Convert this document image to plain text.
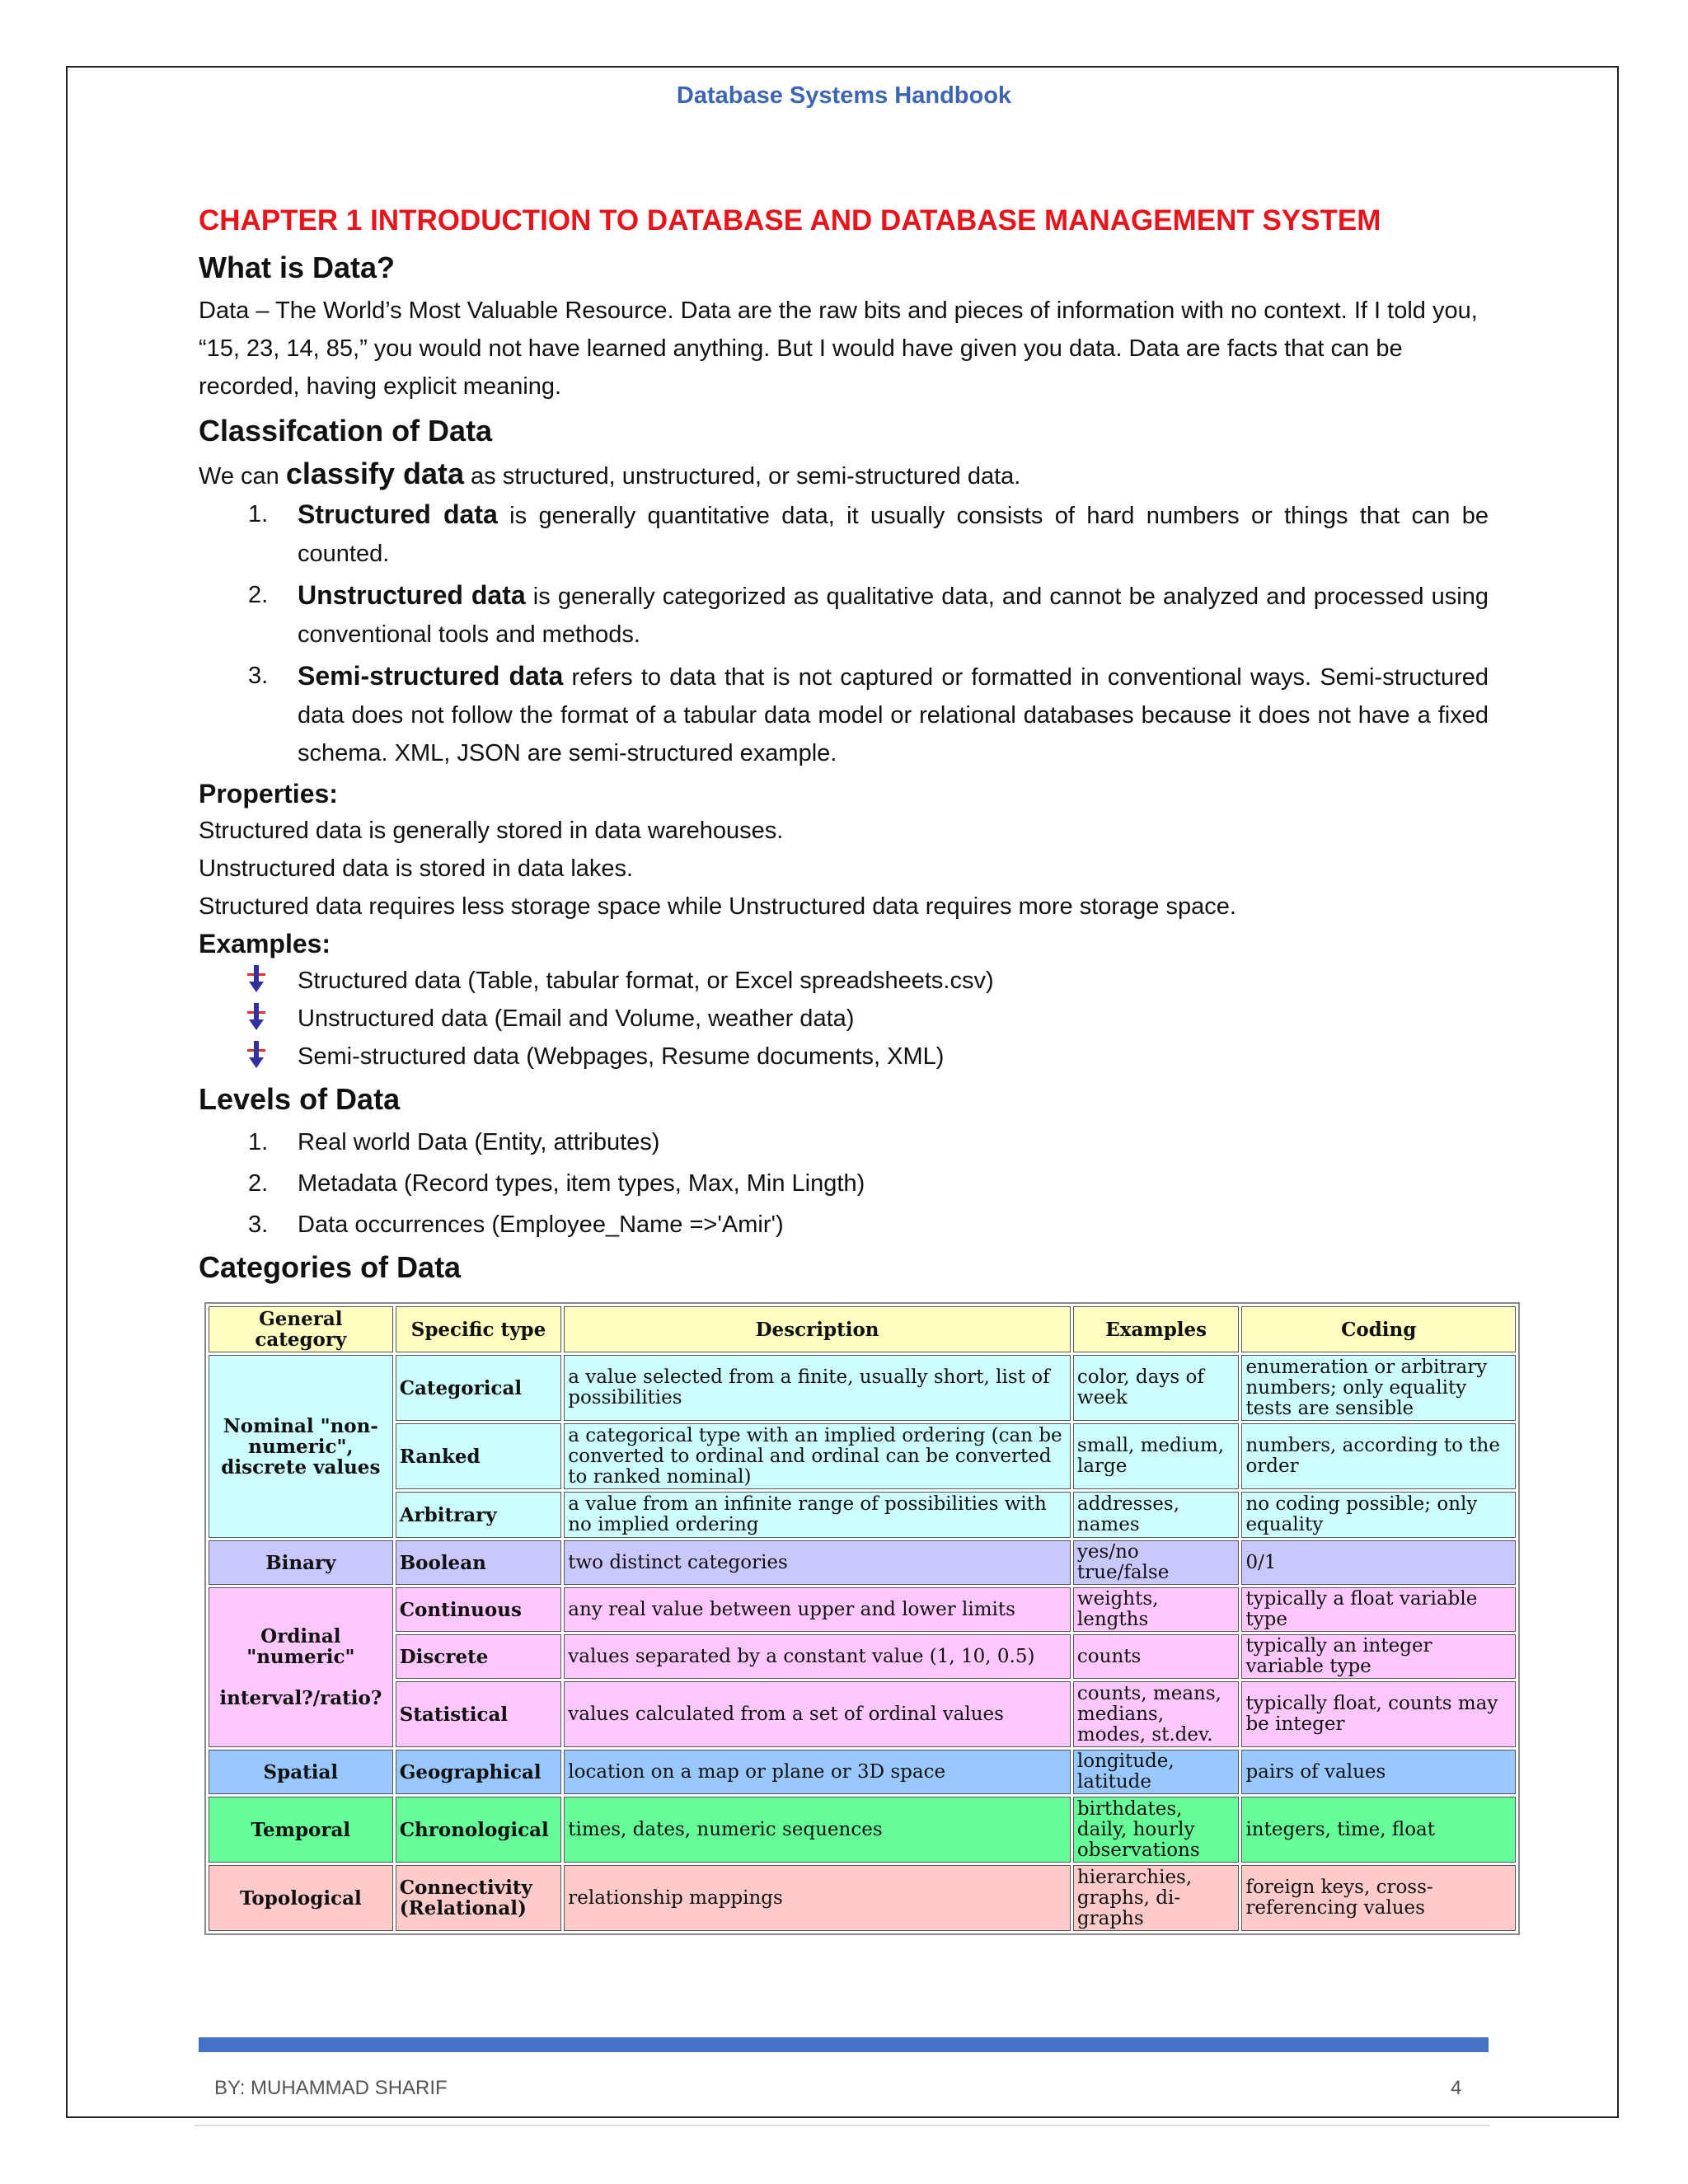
Database Systems Handbook
CHAPTER 1 INTRODUCTION TO DATABASE AND DATABASE MANAGEMENT SYSTEM
What is Data?

Data – The World’s Most Valuable Resource. Data are the raw bits and pieces of information with no context. If I told you, “15, 23, 14, 85,” you would not have learned anything. But I would have given you data. Data are facts that can be recorded, having explicit meaning.

Classifcation of Data

We can classify data as structured, unstructured, or semi-structured data.

1. Structured data is generally quantitative data, it usually consists of hard numbers or things that can be counted.
2. Unstructured data is generally categorized as qualitative data, and cannot be analyzed and processed using conventional tools and methods.
3. Semi-structured data refers to data that is not captured or formatted in conventional ways. Semi-structured data does not follow the format of a tabular data model or relational databases because it does not have a fixed schema. XML, JSON are semi-structured example.
Properties:

Structured data is generally stored in data warehouses.

Unstructured data is stored in data lakes.

Structured data requires less storage space while Unstructured data requires more storage space.

Examples:
Structured data (Table, tabular format, or Excel spreadsheets.csv)
Unstructured data (Email and Volume, weather data)
Semi-structured data (Webpages, Resume documents, XML)
Levels of Data
1. Real world Data (Entity, attributes)
2. Metadata (Record types, item types, Max, Min Lingth)
3. Data occurrences (Employee_Name =>'Amir')
Categories of Data
General category	Specific type	Description	Examples	Coding
Nominal "non-numeric", discrete values	Categorical	a value selected from a finite, usually short, list of possibilities	color, days of week	enumeration or arbitrary numbers; only equality tests are sensible
	Ranked	a categorical type with an implied ordering (can be converted to ordinal and ordinal can be converted to ranked nominal)	small, medium, large	numbers, according to the order
	Arbitrary	a value from an infinite range of possibilities with no implied ordering	addresses, names	no coding possible; only equality
Binary	Boolean	two distinct categories	yes/no true/false	0/1
Ordinal "numeric"

interval?/ratio?	Continuous	any real value between upper and lower limits	weights, lengths	typically a float variable type
	Discrete	values separated by a constant value (1, 10, 0.5)	counts	typically an integer variable type
	Statistical	values calculated from a set of ordinal values	counts, means, medians, modes, st.dev.	typically float, counts may be integer
Spatial	Geographical	location on a map or plane or 3D space	longitude, latitude	pairs of values
Temporal	Chronological	times, dates, numeric sequences	birthdates, daily, hourly observations	integers, time, float
Topological	Connectivity (Relational)	relationship mappings	hierarchies, graphs, di-graphs	foreign keys, cross-referencing values
BY: MUHAMMAD SHARIF	4
